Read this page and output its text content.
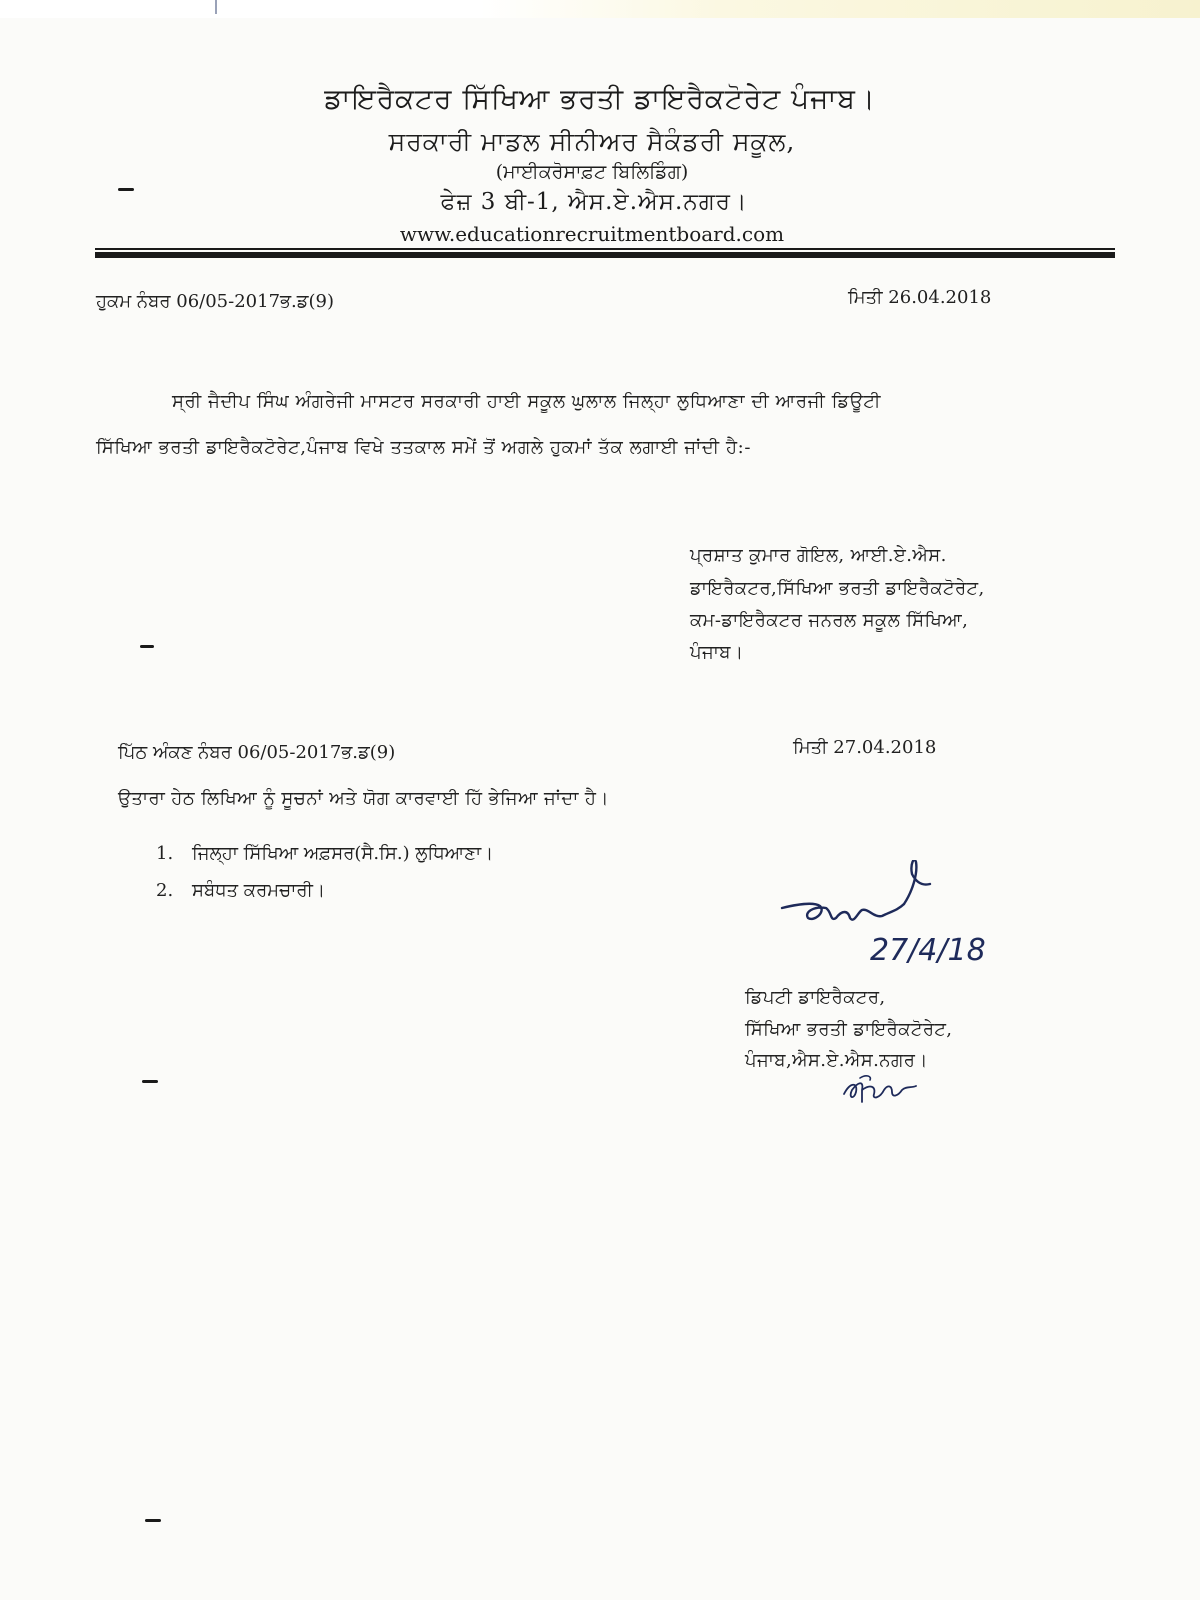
ਡਾਇਰੈਕਟਰ ਸਿੱਖਿਆ ਭਰਤੀ ਡਾਇਰੈਕਟੋਰੇਟ ਪੰਜਾਬ।
ਸਰਕਾਰੀ ਮਾਡਲ ਸੀਨੀਅਰ ਸੈਕੰਡਰੀ ਸਕੂਲ,
(ਮਾਈਕਰੋਸਾਫ਼ਟ ਬਿਲਿਡਿੰਗ)
ਫੇਜ਼ 3 ਬੀ-1, ਐਸ.ਏ.ਐਸ.ਨਗਰ।
www.educationrecruitmentboard.com
ਹੁਕਮ ਨੰਬਰ 06/05-2017ਭ.ਡ(9)	ਮਿਤੀ 26.04.2018
ਸ੍ਰੀ ਜੈਦੀਪ ਸਿੰਘ ਅੰਗਰੇਜੀ ਮਾਸਟਰ ਸਰਕਾਰੀ ਹਾਈ ਸਕੂਲ ਘੁਲਾਲ ਜਿਲ੍ਹਾ ਲੁਧਿਆਣਾ ਦੀ ਆਰਜੀ ਡਿਊਟੀ
ਸਿੱਖਿਆ ਭਰਤੀ ਡਾਇਰੈਕਟੋਰੇਟ,ਪੰਜਾਬ ਵਿਖੇ ਤਤਕਾਲ ਸਮੇਂ ਤੋਂ ਅਗਲੇ ਹੁਕਮਾਂ ਤੱਕ ਲਗਾਈ ਜਾਂਦੀ ਹੈ:-
ਪ੍ਰਸ਼ਾਤ ਕੁਮਾਰ ਗੋਇਲ, ਆਈ.ਏ.ਐਸ.
ਡਾਇਰੈਕਟਰ,ਸਿੱਖਿਆ ਭਰਤੀ ਡਾਇਰੈਕਟੋਰੇਟ,
ਕਮ-ਡਾਇਰੈਕਟਰ ਜਨਰਲ ਸਕੂਲ ਸਿੱਖਿਆ,
ਪੰਜਾਬ।
ਪਿੱਠ ਅੰਕਣ ਨੰਬਰ 06/05-2017ਭ.ਡ(9)	ਮਿਤੀ 27.04.2018
ਉਤਾਰਾ ਹੇਠ ਲਿਖਿਆ ਨੂੰ ਸੂਚਨਾਂ ਅਤੇ ਯੋਗ ਕਾਰਵਾਈ ਹਿੱ ਭੇਜਿਆ ਜਾਂਦਾ ਹੈ।
1. ਜਿਲ੍ਹਾ ਸਿੱਖਿਆ ਅਫ਼ਸਰ(ਸੈ.ਸਿ.) ਲੁਧਿਆਣਾ।
2. ਸਬੰਧਤ ਕਰਮਚਾਰੀ।
27/4/18
ਡਿਪਟੀ ਡਾਇਰੈਕਟਰ,
ਸਿੱਖਿਆ ਭਰਤੀ ਡਾਇਰੈਕਟੋਰੇਟ,
ਪੰਜਾਬ,ਐਸ.ਏ.ਐਸ.ਨਗਰ।
